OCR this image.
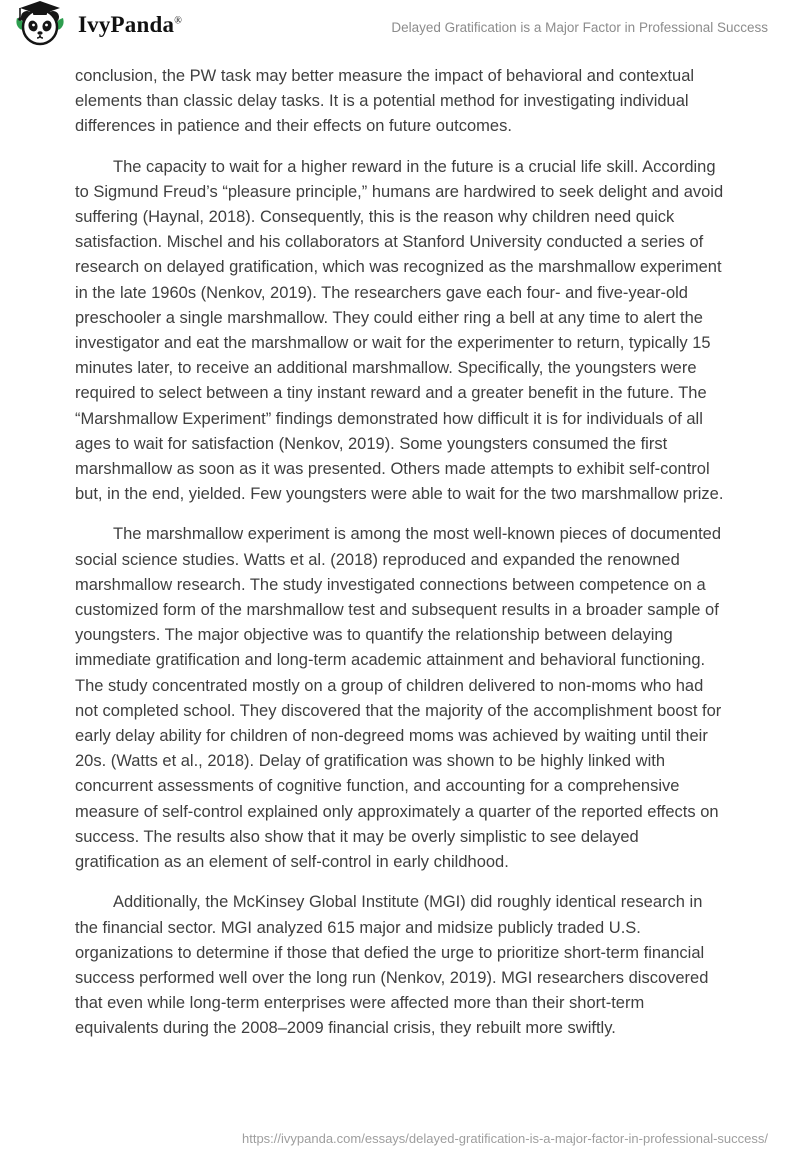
IvyPanda®	Delayed Gratification is a Major Factor in Professional Success

conclusion, the PW task may better measure the impact of behavioral and contextual elements than classic delay tasks. It is a potential method for investigating individual differences in patience and their effects on future outcomes.

The capacity to wait for a higher reward in the future is a crucial life skill. According to Sigmund Freud’s “pleasure principle,” humans are hardwired to seek delight and avoid suffering (Haynal, 2018). Consequently, this is the reason why children need quick satisfaction. Mischel and his collaborators at Stanford University conducted a series of research on delayed gratification, which was recognized as the marshmallow experiment in the late 1960s (Nenkov, 2019). The researchers gave each four- and five-year-old preschooler a single marshmallow. They could either ring a bell at any time to alert the investigator and eat the marshmallow or wait for the experimenter to return, typically 15 minutes later, to receive an additional marshmallow. Specifically, the youngsters were required to select between a tiny instant reward and a greater benefit in the future. The “Marshmallow Experiment” findings demonstrated how difficult it is for individuals of all ages to wait for satisfaction (Nenkov, 2019). Some youngsters consumed the first marshmallow as soon as it was presented. Others made attempts to exhibit self-control but, in the end, yielded. Few youngsters were able to wait for the two marshmallow prize.

The marshmallow experiment is among the most well-known pieces of documented social science studies. Watts et al. (2018) reproduced and expanded the renowned marshmallow research. The study investigated connections between competence on a customized form of the marshmallow test and subsequent results in a broader sample of youngsters. The major objective was to quantify the relationship between delaying immediate gratification and long-term academic attainment and behavioral functioning. The study concentrated mostly on a group of children delivered to non-moms who had not completed school. They discovered that the majority of the accomplishment boost for early delay ability for children of non-degreed moms was achieved by waiting until their 20s. (Watts et al., 2018). Delay of gratification was shown to be highly linked with concurrent assessments of cognitive function, and accounting for a comprehensive measure of self-control explained only approximately a quarter of the reported effects on success. The results also show that it may be overly simplistic to see delayed gratification as an element of self-control in early childhood.

Additionally, the McKinsey Global Institute (MGI) did roughly identical research in the financial sector. MGI analyzed 615 major and midsize publicly traded U.S. organizations to determine if those that defied the urge to prioritize short-term financial success performed well over the long run (Nenkov, 2019). MGI researchers discovered that even while long-term enterprises were affected more than their short-term equivalents during the 2008–2009 financial crisis, they rebuilt more swiftly.

https://ivypanda.com/essays/delayed-gratification-is-a-major-factor-in-professional-success/
